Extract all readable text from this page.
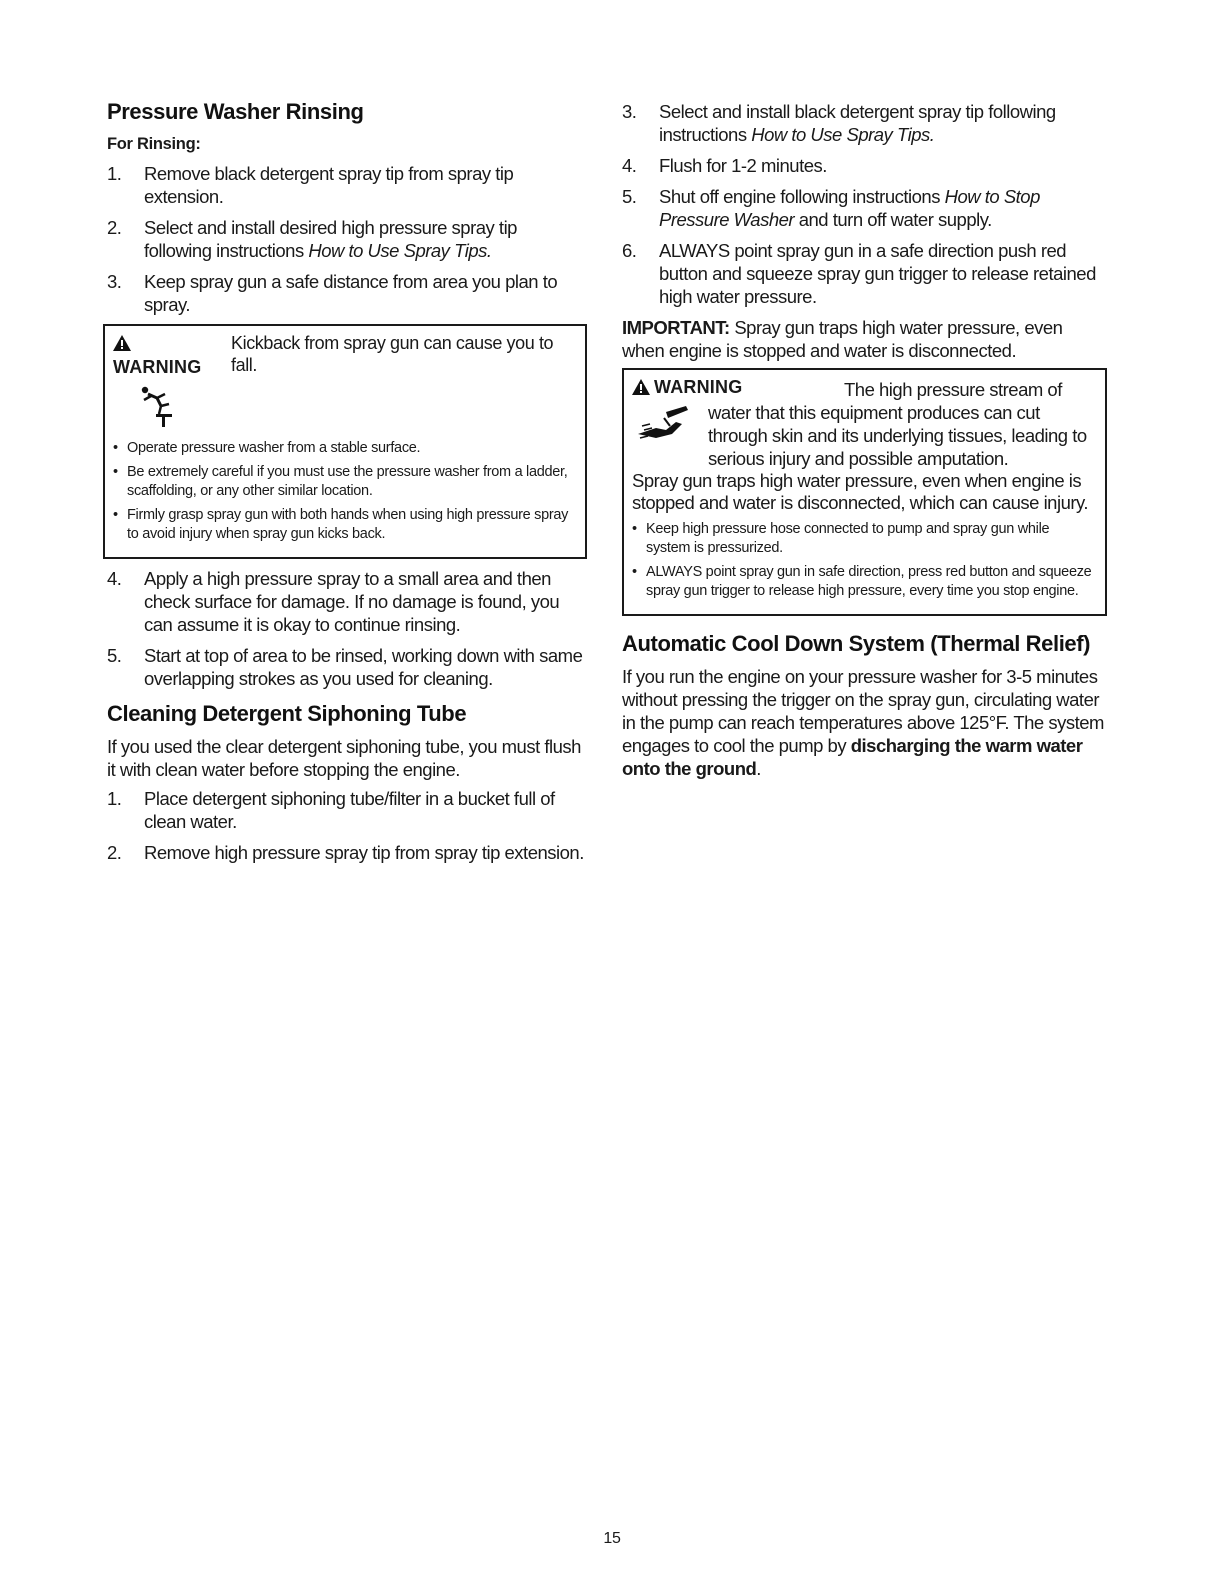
Pressure Washer Rinsing
For Rinsing:
1. Remove black detergent spray tip from spray tip extension.
2. Select and install desired high pressure spray tip following instructions How to Use Spray Tips.
3. Keep spray gun a safe distance from area you plan to spray.
WARNING
Kickback from spray gun can cause you to fall.
• Operate pressure washer from a stable surface.
• Be extremely careful if you must use the pressure washer from a ladder, scaffolding, or any other similar location.
• Firmly grasp spray gun with both hands when using high pressure spray to avoid injury when spray gun kicks back.
4. Apply a high pressure spray to a small area and then check surface for damage. If no damage is found, you can assume it is okay to continue rinsing.
5. Start at top of area to be rinsed, working down with same overlapping strokes as you used for cleaning.
Cleaning Detergent Siphoning Tube

If you used the clear detergent siphoning tube, you must flush it with clean water before stopping the engine.

1. Place detergent siphoning tube/filter in a bucket full of clean water.
2. Remove high pressure spray tip from spray tip extension.
3. Select and install black detergent spray tip following instructions How to Use Spray Tips.
4. Flush for 1-2 minutes.
5. Shut off engine following instructions How to Stop Pressure Washer and turn off water supply.
6. ALWAYS point spray gun in a safe direction push red button and squeeze spray gun trigger to release retained high water pressure.

IMPORTANT: Spray gun traps high water pressure, even when engine is stopped and water is disconnected.

WARNING	The high pressure stream of water that this equipment produces can cut through skin and its underlying tissues, leading to serious injury and possible amputation.
Spray gun traps high water pressure, even when engine is stopped and water is disconnected, which can cause injury.
• Keep high pressure hose connected to pump and spray gun while system is pressurized.
• ALWAYS point spray gun in safe direction, press red button and squeeze spray gun trigger to release high pressure, every time you stop engine.
Automatic Cool Down System (Thermal Relief)

If you run the engine on your pressure washer for 3-5 minutes without pressing the trigger on the spray gun, circulating water in the pump can reach temperatures above 125°F. The system engages to cool the pump by discharging the warm water onto the ground.

15
